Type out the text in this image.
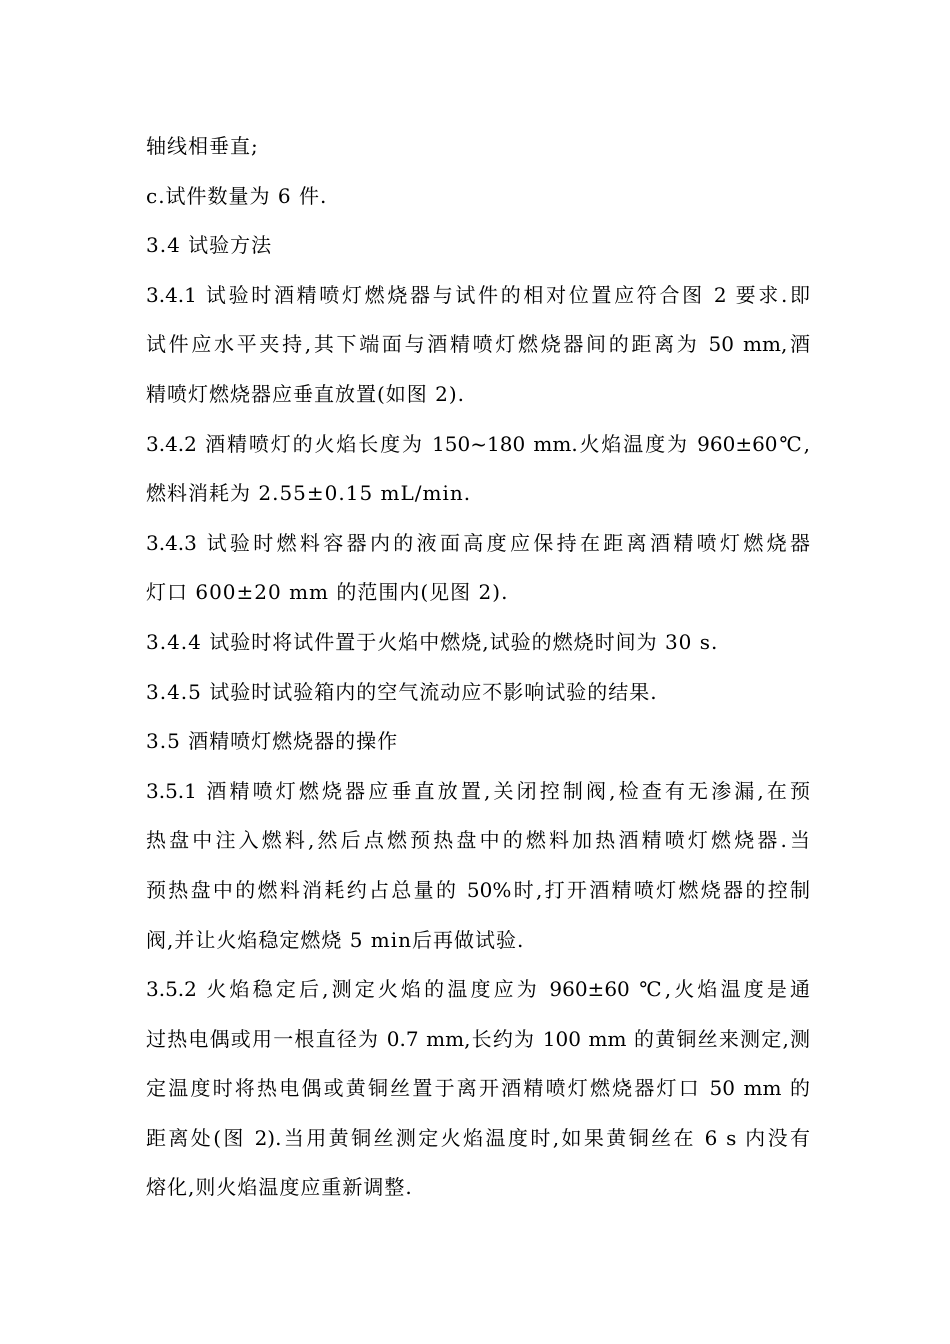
轴线相垂直;
c.试件数量为 6 件.
3.4 试验方法
3.4.1 试验时酒精喷灯燃烧器与试件的相对位置应符合图 2 要求.即
试件应水平夹持,其下端面与酒精喷灯燃烧器间的距离为 50 mm,酒
精喷灯燃烧器应垂直放置(如图 2).
3.4.2 酒精喷灯的火焰长度为 150~180 mm.火焰温度为 960±60℃,
燃料消耗为 2.55±0.15 mL/min.
3.4.3 试验时燃料容器内的液面高度应保持在距离酒精喷灯燃烧器
灯口 600±20 mm 的范围内(见图 2).
3.4.4 试验时将试件置于火焰中燃烧,试验的燃烧时间为 30 s.
3.4.5 试验时试验箱内的空气流动应不影响试验的结果.
3.5 酒精喷灯燃烧器的操作
3.5.1 酒精喷灯燃烧器应垂直放置,关闭控制阀,检查有无渗漏,在预
热盘中注入燃料,然后点燃预热盘中的燃料加热酒精喷灯燃烧器.当
预热盘中的燃料消耗约占总量的 50%时,打开酒精喷灯燃烧器的控制
阀,并让火焰稳定燃烧 5 min后再做试验.
3.5.2 火焰稳定后,测定火焰的温度应为 960±60 ℃,火焰温度是通
过热电偶或用一根直径为 0.7 mm,长约为 100 mm 的黄铜丝来测定,测
定温度时将热电偶或黄铜丝置于离开酒精喷灯燃烧器灯口 50 mm 的
距离处(图 2).当用黄铜丝测定火焰温度时,如果黄铜丝在 6 s 内没有
熔化,则火焰温度应重新调整.
